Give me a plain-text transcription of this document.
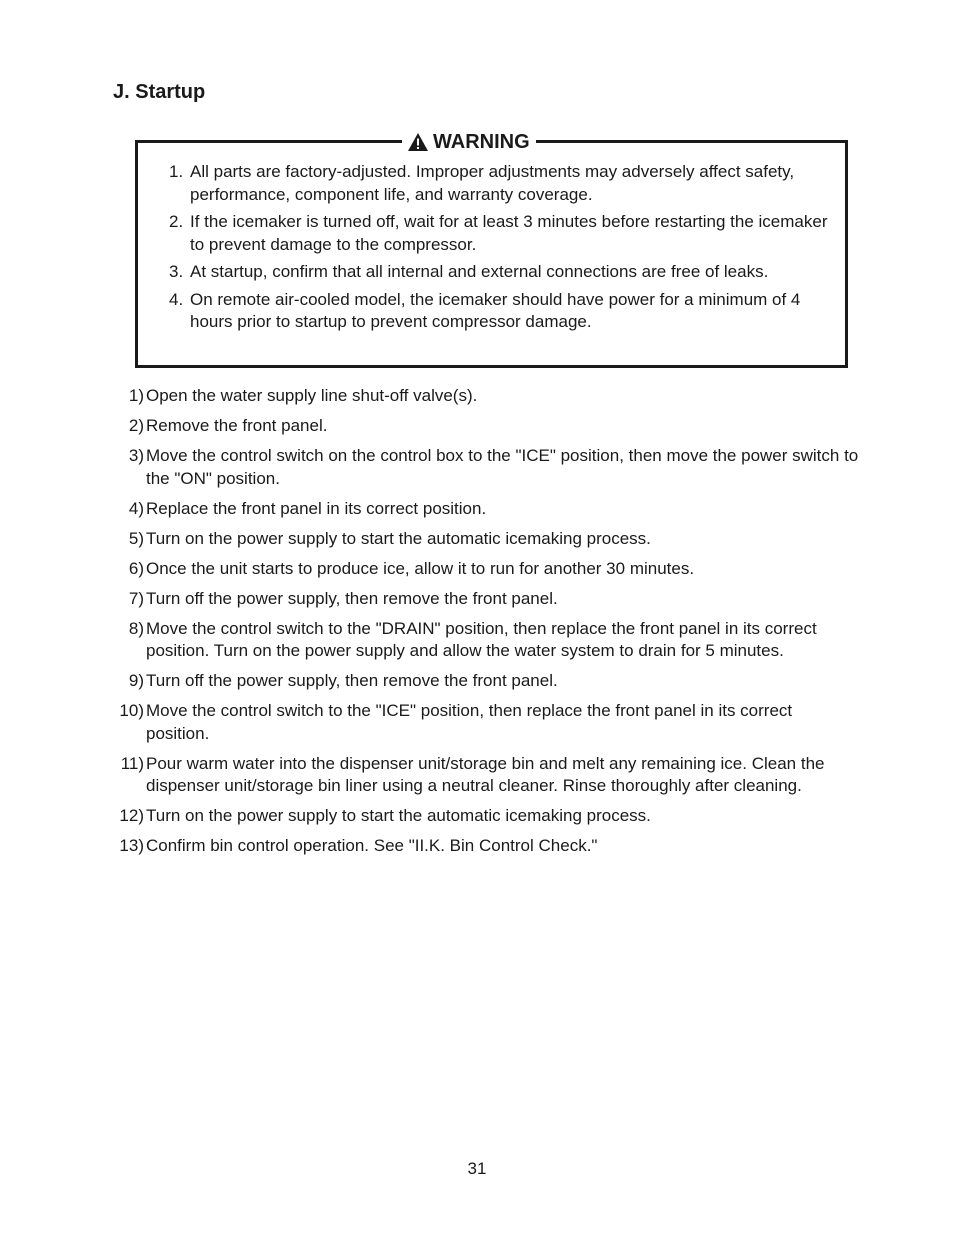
J. Startup
WARNING
1. All parts are factory-adjusted. Improper adjustments may adversely affect safety, performance, component life, and warranty coverage.
2. If the icemaker is turned off, wait for at least 3 minutes before restarting the icemaker to prevent damage to the compressor.
3. At startup, confirm that all internal and external connections are free of leaks.
4. On remote air-cooled model, the icemaker should have power for a minimum of 4 hours prior to startup to prevent compressor damage.
1) Open the water supply line shut-off valve(s).
2) Remove the front panel.
3) Move the control switch on the control box to the "ICE" position, then move the power switch to the "ON" position.
4) Replace the front panel in its correct position.
5) Turn on the power supply to start the automatic icemaking process.
6) Once the unit starts to produce ice, allow it to run for another 30 minutes.
7) Turn off the power supply, then remove the front panel.
8) Move the control switch to the "DRAIN" position, then replace the front panel in its correct position. Turn on the power supply and allow the water system to drain for 5 minutes.
9) Turn off the power supply, then remove the front panel.
10) Move the control switch to the "ICE" position, then replace the front panel in its correct position.
11) Pour warm water into the dispenser unit/storage bin and melt any remaining ice. Clean the dispenser unit/storage bin liner using a neutral cleaner. Rinse thoroughly after cleaning.
12) Turn on the power supply to start the automatic icemaking process.
13) Confirm bin control operation. See "II.K. Bin Control Check."
31
